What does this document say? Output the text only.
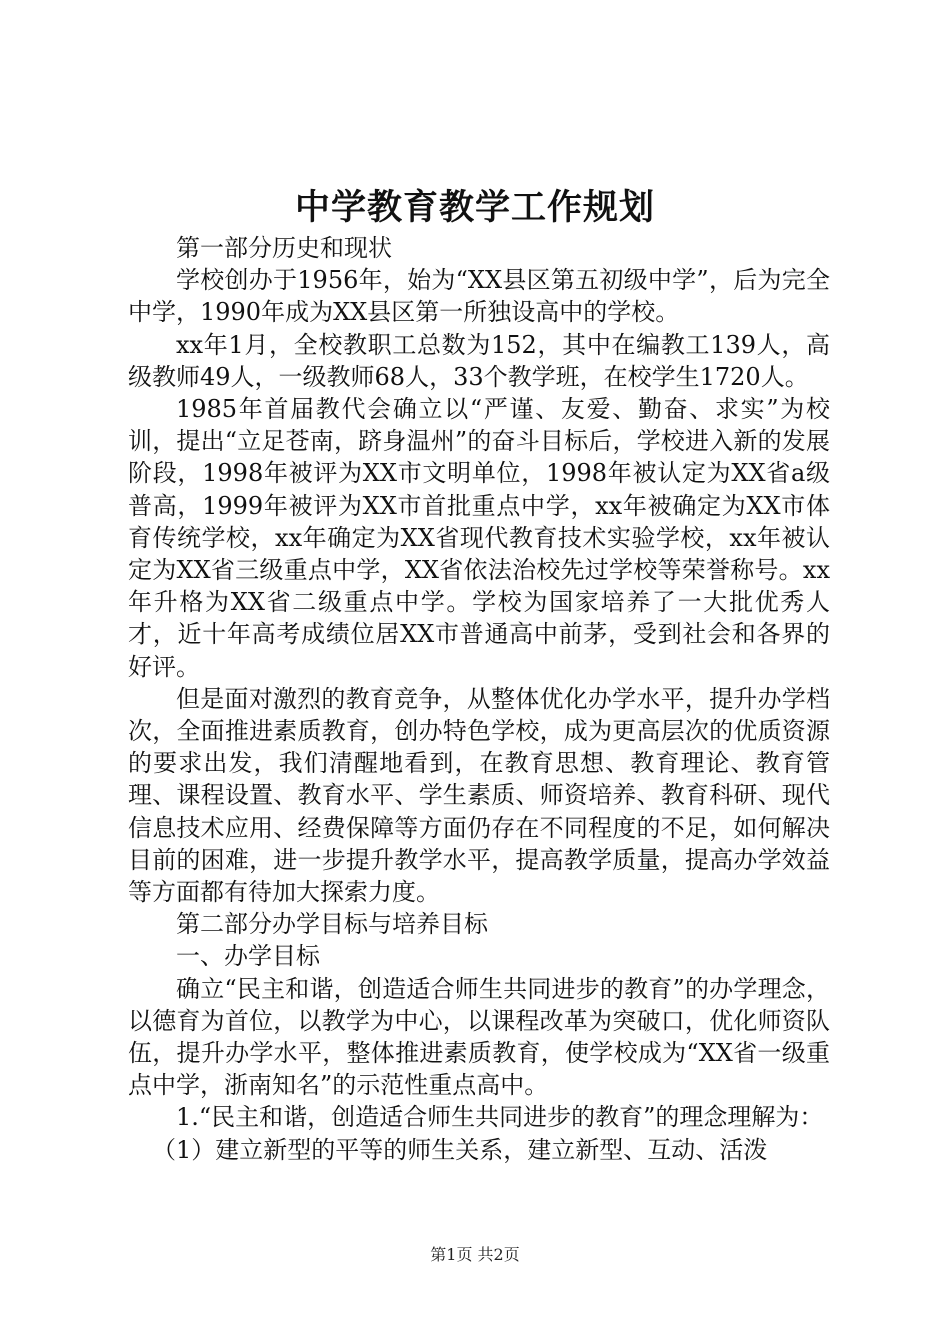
中学教育教学工作规划

第一部分历史和现状

学校创办于1956年，始为“XX县区第五初级中学”，后为完全中学，1990年成为XX县区第一所独设高中的学校。

xx年1月，全校教职工总数为152，其中在编教工139人，高级教师49人，一级教师68人，33个教学班，在校学生1720人。

1985年首届教代会确立以“严谨、友爱、勤奋、求实”为校训，提出“立足苍南，跻身温州”的奋斗目标后，学校进入新的发展阶段，1998年被评为XX市文明单位，1998年被认定为XX省a级普高，1999年被评为XX市首批重点中学，xx年被确定为XX市体育传统学校，xx年确定为XX省现代教育技术实验学校，xx年被认定为XX省三级重点中学，XX省依法治校先过学校等荣誉称号。xx年升格为XX省二级重点中学。学校为国家培养了一大批优秀人才，近十年高考成绩位居XX市普通高中前茅，受到社会和各界的好评。

但是面对激烈的教育竞争，从整体优化办学水平，提升办学档次，全面推进素质教育，创办特色学校，成为更高层次的优质资源的要求出发，我们清醒地看到，在教育思想、教育理论、教育管理、课程设置、教育水平、学生素质、师资培养、教育科研、现代信息技术应用、经费保障等方面仍存在不同程度的不足，如何解决目前的困难，进一步提升教学水平，提高教学质量，提高办学效益等方面都有待加大探索力度。

第二部分办学目标与培养目标

一、办学目标

确立“民主和谐，创造适合师生共同进步的教育”的办学理念，以德育为首位，以教学为中心，以课程改革为突破口，优化师资队伍，提升办学水平，整体推进素质教育，使学校成为“XX省一级重点中学，浙南知名”的示范性重点高中。

1.“民主和谐，创造适合师生共同进步的教育”的理念理解为：

（1）建立新型的平等的师生关系，建立新型、互动、活泼

第1页 共2页
